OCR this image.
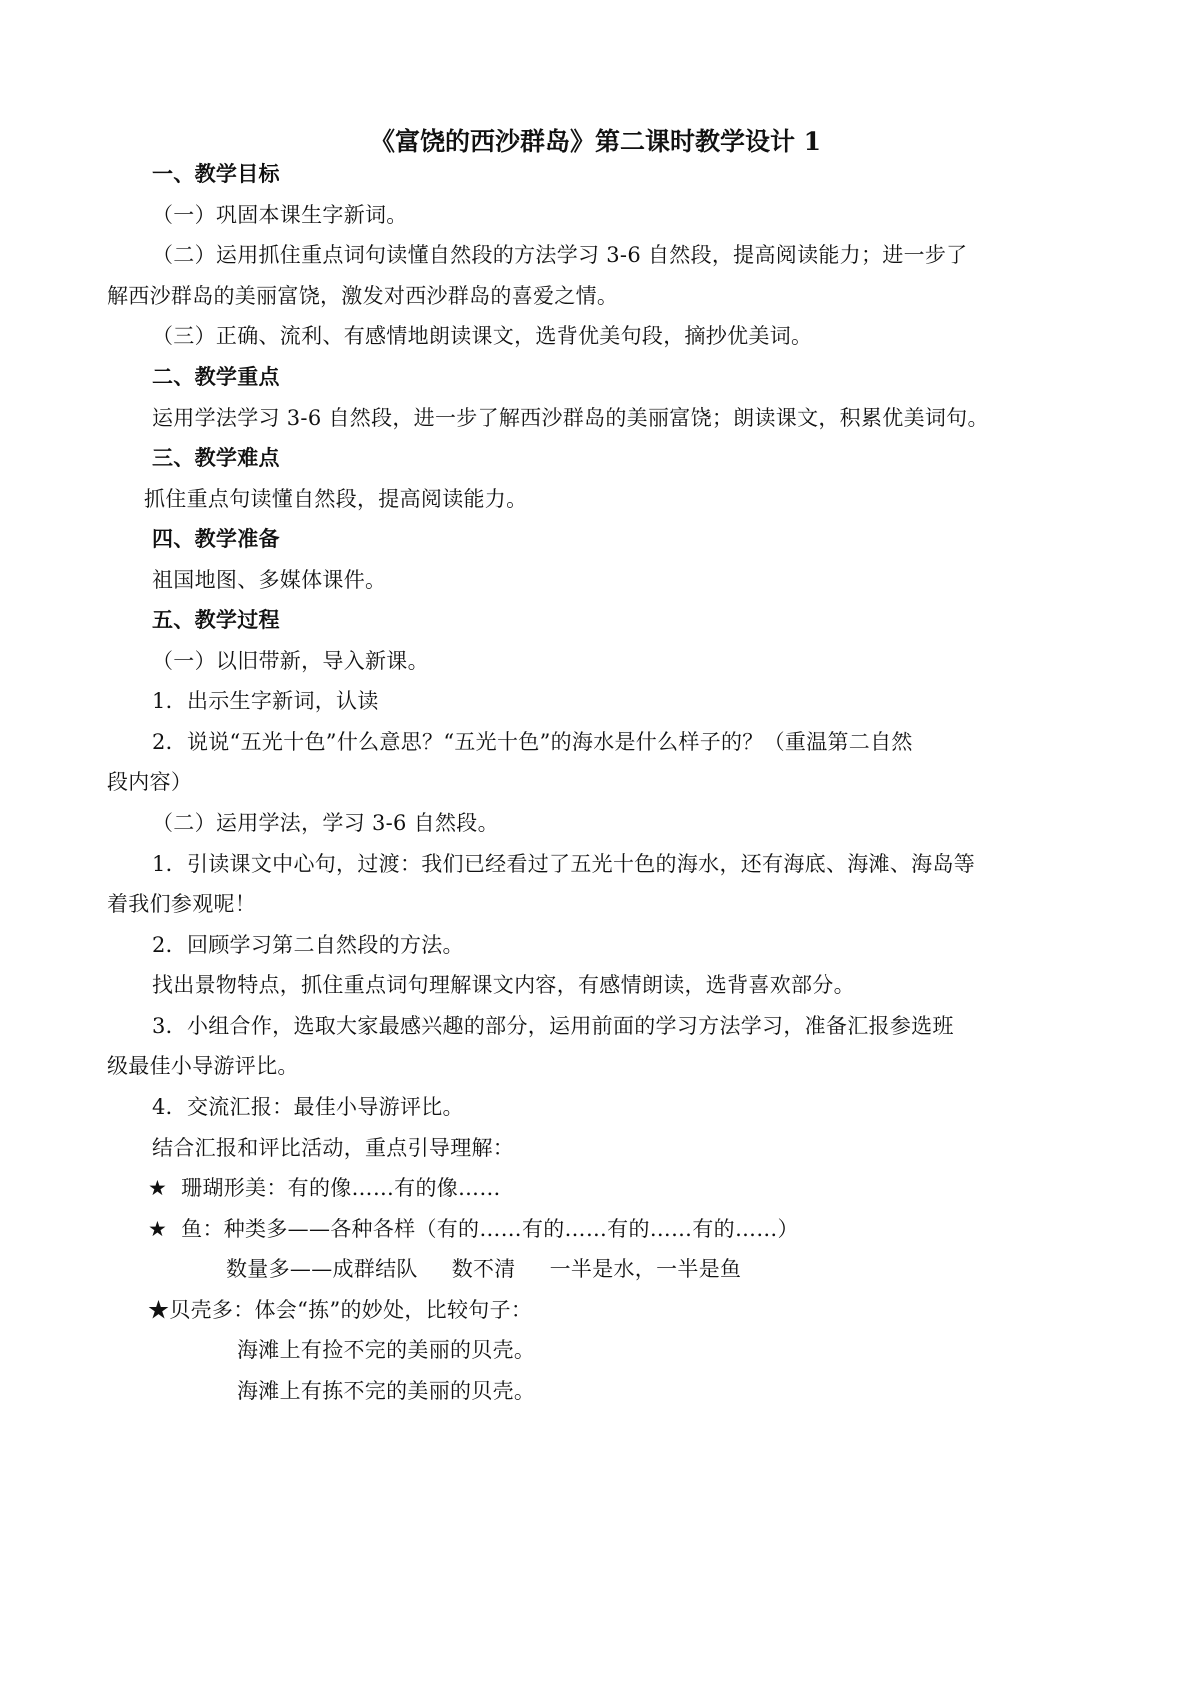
《富饶的西沙群岛》第二课时教学设计 1
一、教学目标
（一）巩固本课生字新词。
（二）运用抓住重点词句读懂自然段的方法学习 3-6 自然段，提高阅读能力；进一步了
解西沙群岛的美丽富饶，激发对西沙群岛的喜爱之情。
（三）正确、流利、有感情地朗读课文，选背优美句段，摘抄优美词。
二、教学重点
运用学法学习 3-6 自然段，进一步了解西沙群岛的美丽富饶；朗读课文，积累优美词句。
三、教学难点
抓住重点句读懂自然段，提高阅读能力。
四、教学准备
祖国地图、多媒体课件。
五、教学过程
（一）以旧带新，导入新课。
1．出示生字新词，认读
2．说说“五光十色”什么意思？“五光十色”的海水是什么样子的？（重温第二自然
段内容）
（二）运用学法，学习 3-6 自然段。
1．引读课文中心句，过渡：我们已经看过了五光十色的海水，还有海底、海滩、海岛等
着我们参观呢！
2．回顾学习第二自然段的方法。
找出景物特点，抓住重点词句理解课文内容，有感情朗读，选背喜欢部分。
3．小组合作，选取大家最感兴趣的部分，运用前面的学习方法学习，准备汇报参选班
级最佳小导游评比。
4．交流汇报：最佳小导游评比。
结合汇报和评比活动，重点引导理解：
★ 珊瑚形美：有的像……有的像……
★ 鱼：种类多——各种各样（有的……有的……有的……有的……）
数量多——成群结队 数不清 一半是水，一半是鱼
★贝壳多：体会“拣”的妙处，比较句子：
海滩上有捡不完的美丽的贝壳。
海滩上有拣不完的美丽的贝壳。
